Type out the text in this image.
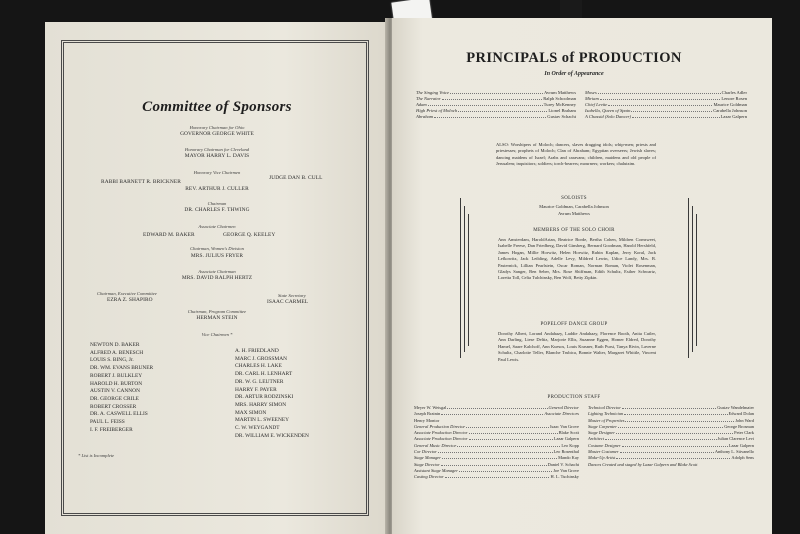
Committee of Sponsors
Honorary Chairman for Ohio
GOVERNOR GEORGE WHITE
Honorary Chairman for Cleveland
MAYOR HARRY L. DAVIS
Honorary Vice Chairmen
RABBI BARNETT R. BRICKNER
JUDGE DAN B. CULL
REV. ARTHUR J. CULLER
Chairman
DR. CHARLES F. THWING
Associate Chairmen
EDWARD M. BAKER	GEORGE Q. KEELEY
Chairman, Women's Division
MRS. JULIUS FRYER
Associate Chairman
MRS. DAVID RALPH HERTZ
Chairman, Executive Committee
EZRA Z. SHAPIRO
State Secretary
ISAAC CARMEL
Chairman, Program Committee
HERMAN STEIN
Vice Chairmen *
NEWTON D. BAKER
ALFRED A. BENESCH
LOUIS S. BING, Jr.
DR. WM. EVANS BRUNER
ROBERT J. BULKLEY
HAROLD H. BURTON
AUSTIN V. CANNON
DR. GEORGE CRILE
ROBERT CROSSER
DR. A. CASWELL ELLIS
PAUL L. FEISS
I. F. FREIBERGER
A. H. FRIEDLAND
MARC J. GROSSMAN
CHARLES H. LAKE
DR. CARL H. LENHART
DR. W. G. LEUTNER
HARRY F. PAYER
DR. ARTUR RODZINSKI
MRS. HARRY SIMON
MAX SIMON
MARTIN L. SWEENEY
C. W. WEYGANDT
DR. WILLIAM E. WICKENDEN
* List is Incomplete
PRINCIPALS of PRODUCTION
In Order of Appearance
The Singing Voice	Avrum Matthews
The Narrator	Ralph Schoolman
Adam	Turey McKenney
High Priest of Moloch	Lionel Braham
Abraham	Gustav Schacht
Moses	Charles Adler
Miriam	Lenore Rosen
Chief Levite	Maurice Goldman
Isabella, Queen of Spain	Carabella Johnson
A Chassid (Solo Dancer)	Lazar Galpern
ALSO: Worshipers of Moloch; dancers, slaves dragging idols; whip-men; priests and priestesses; prophets of Moloch; Clan of Abraham; Egyptian overseers; Jewish slaves; dancing maidens of Israel; Arabs and caravans; children, maidens and old people of Jerusalem; inquisitors; soldiers; torch-bearers; mourners; workers; chalutzim.
SOLOISTS
Maurice Goldman, Carabella Johnson
Avrum Matthews
MEMBERS OF THE SOLO CHOIR
Ann Amsterdam, HaroldArian, Beatrice Borde, Bertha Cohen, Mildren Cornsweet, Isabelle Freese, Dan Friedberg, David Ginsberg, Bernard Goodman, Harold Hershfeld, James Hogan, Millie Horwitz, Helen Horwitz, Rubin Kaplan, Jerry Koral, Jack Lefkowitz, Jack Leibling, Adelle Levy, Mildred Lewin, Udice Landy, Mrs. B. Pasternick, Lillian Pearlstein, Oscar Roman, Norman Roman, Violet Rosenman, Gladys Sanger, Ben Seber, Mrs. Rose Shiffman, Edith Schultz, Esther Schwartz, Loretta Toll, Celia Tulchinsky, Ben Wolf, Betty Zipkin.
POPELOFF DANCE GROUP
Dorothy Albert, Lorand Andahazy, Laddie Andahazy, Florence Booth, Anita Cutler, Ann Darling, Liese Deltiz, Marjorie Ellis, Suzanne Eggen, Homer Eldred, Dorothy Hamel, Saare Kalchoff, Ann Kuesos, Louis Krasner, Ruth Pursi, Tanya Rivin, Laverne Schultz, Charlotte Teller, Blanche Trubica, Bonnie Walter, Margaret Whittle, Vincent Paul Lewis.
PRODUCTION STAFF
Meyer W. Weisgal	General Director
Joseph Brainin	Associate Directors
Henry Montor
General Production Director	Isaac Van Grove
Associate Production Director	Blake Scott
Associate Production Director	Lazar Galpern
General Music Director	Leo Kopp
Cor Director	Leo Rosenthal
Stage Manager	Mando Kay
Stage Director	Daniel V. Schacht
Assistant Stage Manager	Joe Van Grove
Casting Director	H. L. Tuchinsky
Technical Director	Gustav Wandelmaier
Lighting Technician	Edward Dolan
Master of Properties	John Ward
Stage Carpenter	George Brosman
Stage Designer	Peter Clark
Architect	Julian Clarence Levi
Costume Designer	Lazar Galpern
Master Costumer	Anthony L. Stivanello
Make-Up Artist	Adolph Sens
Dances Created and staged by Lazar Galpern and Blake Scott
